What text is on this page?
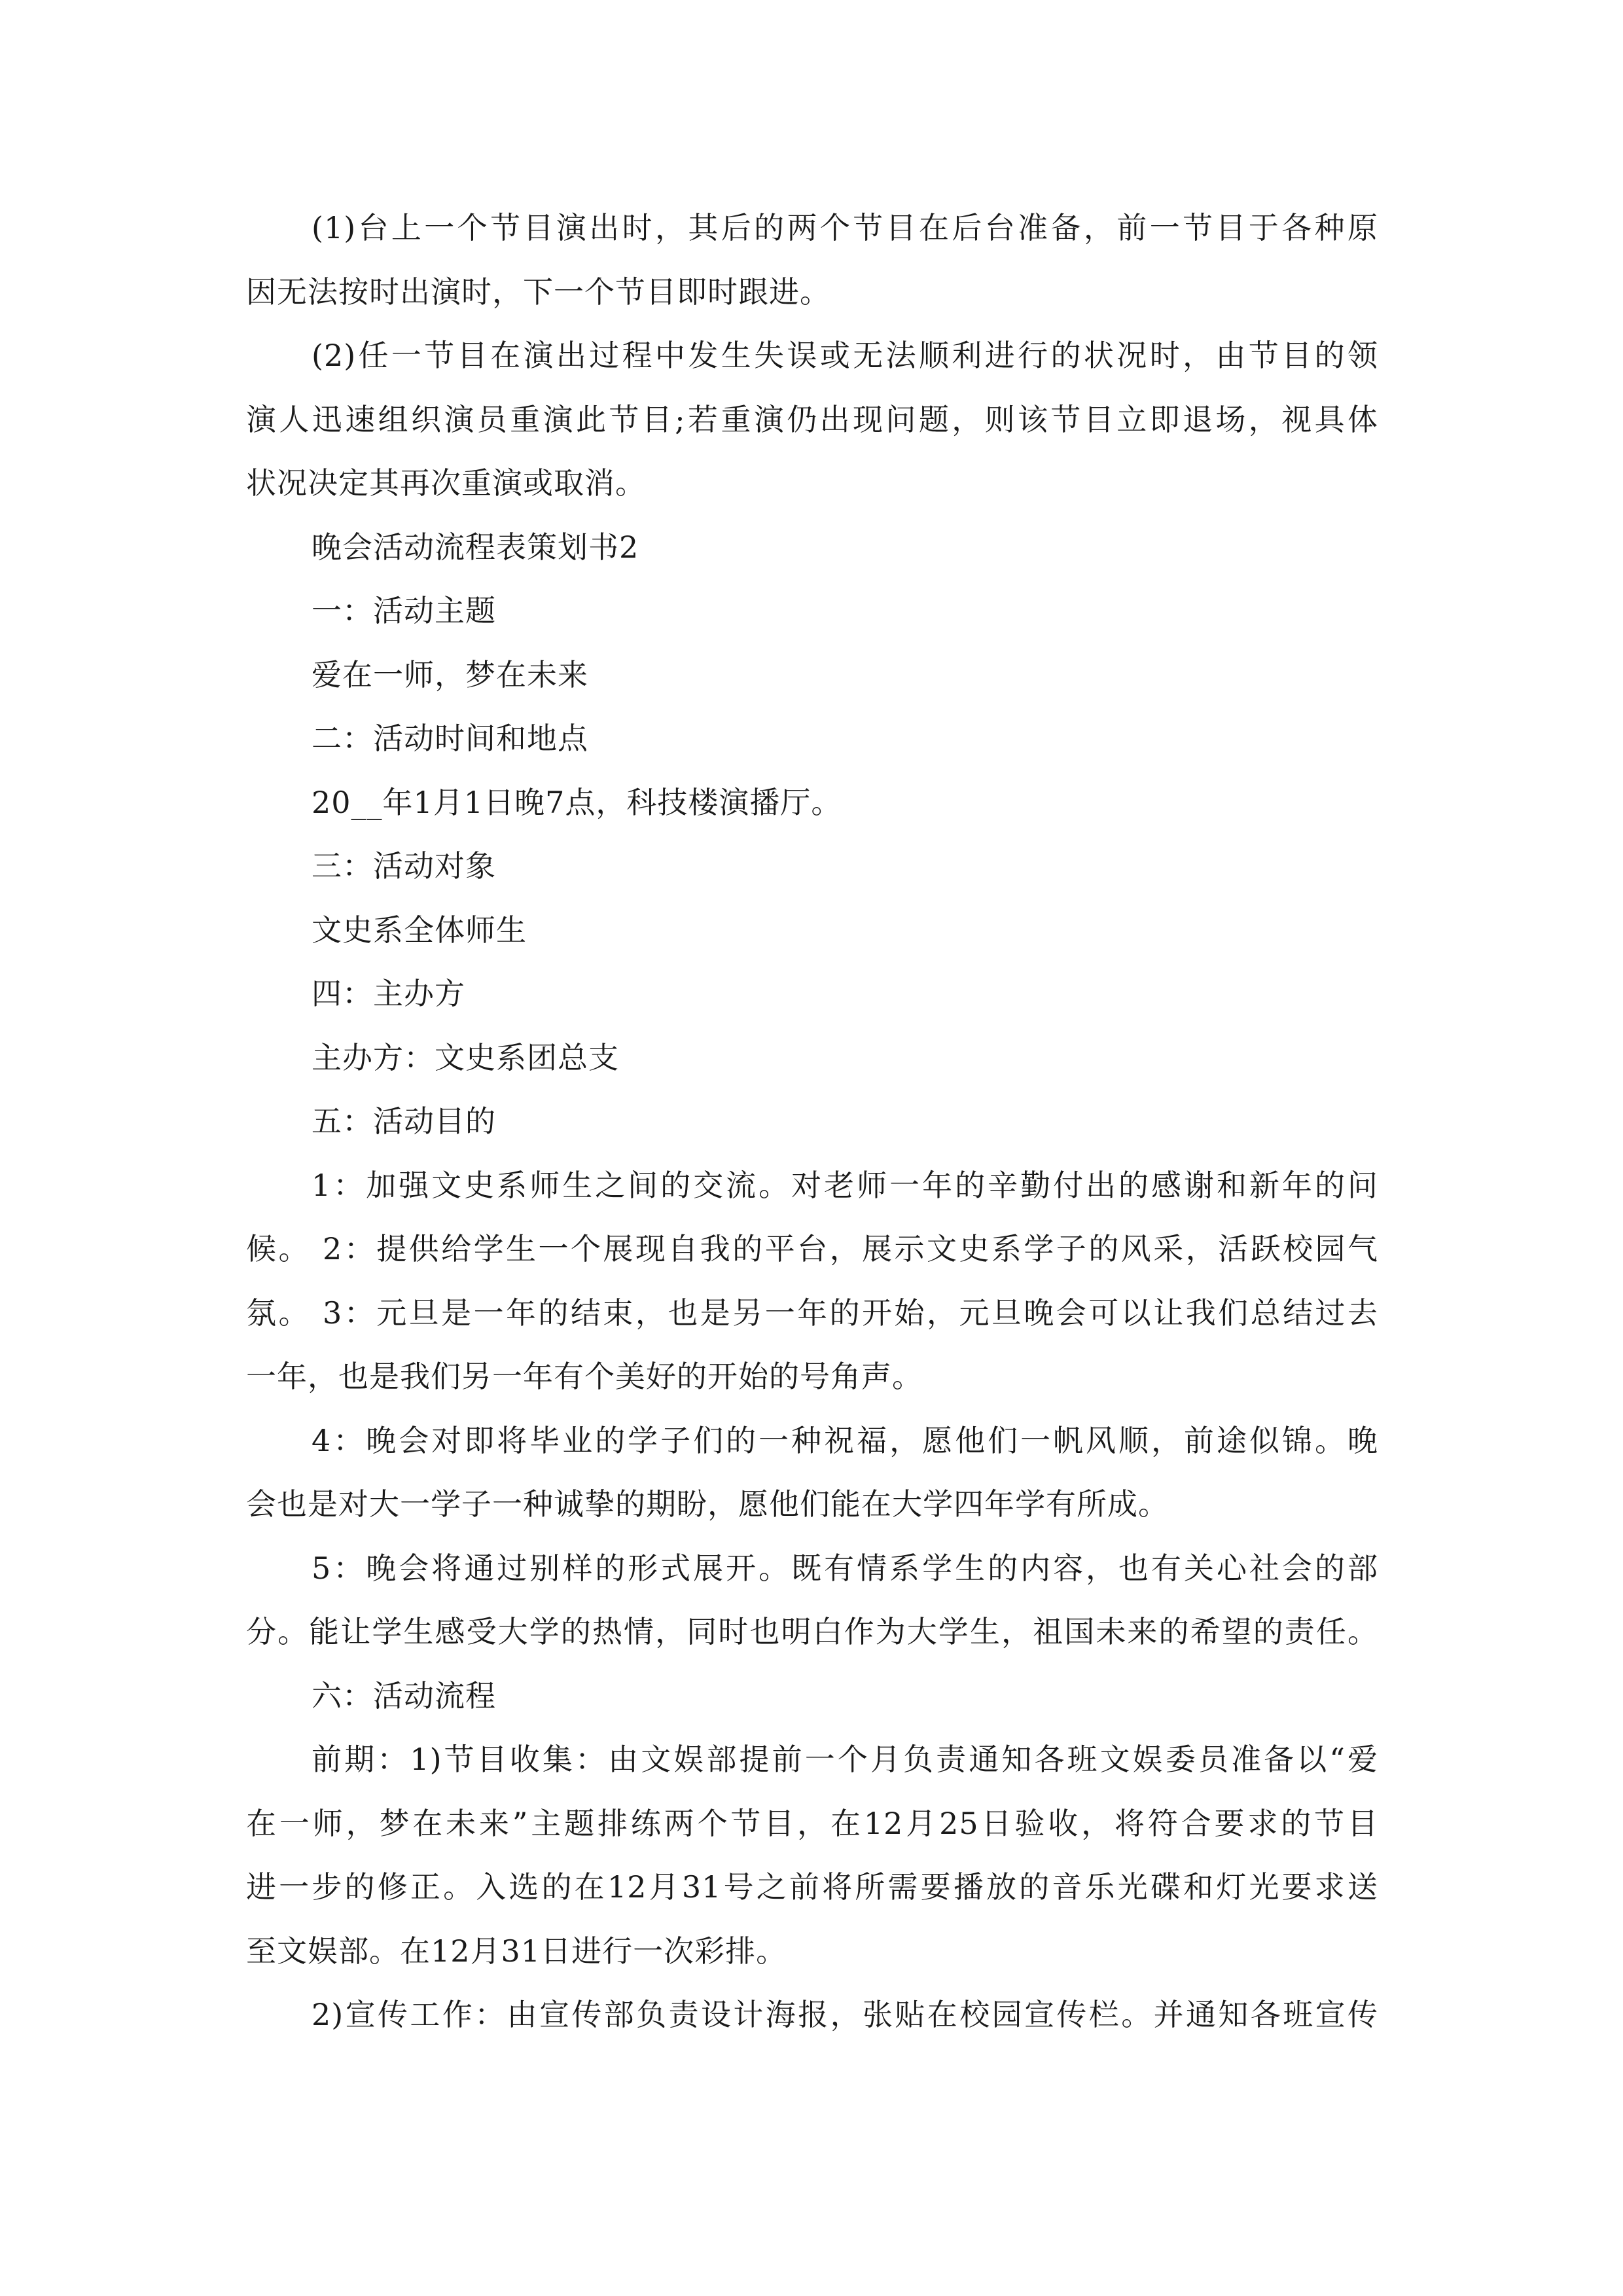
(1)台上一个节目演出时，其后的两个节目在后台准备，前一节目于各种原
因无法按时出演时，下一个节目即时跟进。
(2)任一节目在演出过程中发生失误或无法顺利进行的状况时，由节目的领
演人迅速组织演员重演此节目;若重演仍出现问题，则该节目立即退场，视具体
状况决定其再次重演或取消。
晚会活动流程表策划书2
一：活动主题
爱在一师，梦在未来
二：活动时间和地点
20__年1月1日晚7点，科技楼演播厅。
三：活动对象
文史系全体师生
四：主办方
主办方：文史系团总支
五：活动目的
1：加强文史系师生之间的交流。对老师一年的辛勤付出的感谢和新年的问
候。 2：提供给学生一个展现自我的平台，展示文史系学子的风采，活跃校园气
氛。 3：元旦是一年的结束，也是另一年的开始，元旦晚会可以让我们总结过去
一年，也是我们另一年有个美好的开始的号角声。
4：晚会对即将毕业的学子们的一种祝福，愿他们一帆风顺，前途似锦。晚
会也是对大一学子一种诚挚的期盼，愿他们能在大学四年学有所成。
5：晚会将通过别样的形式展开。既有情系学生的内容，也有关心社会的部
分。能让学生感受大学的热情，同时也明白作为大学生，祖国未来的希望的责任。
六：活动流程
前期：1)节目收集：由文娱部提前一个月负责通知各班文娱委员准备以“爱
在一师，梦在未来”主题排练两个节目，在12月25日验收，将符合要求的节目
进一步的修正。入选的在12月31号之前将所需要播放的音乐光碟和灯光要求送
至文娱部。在12月31日进行一次彩排。
2)宣传工作：由宣传部负责设计海报，张贴在校园宣传栏。并通知各班宣传
